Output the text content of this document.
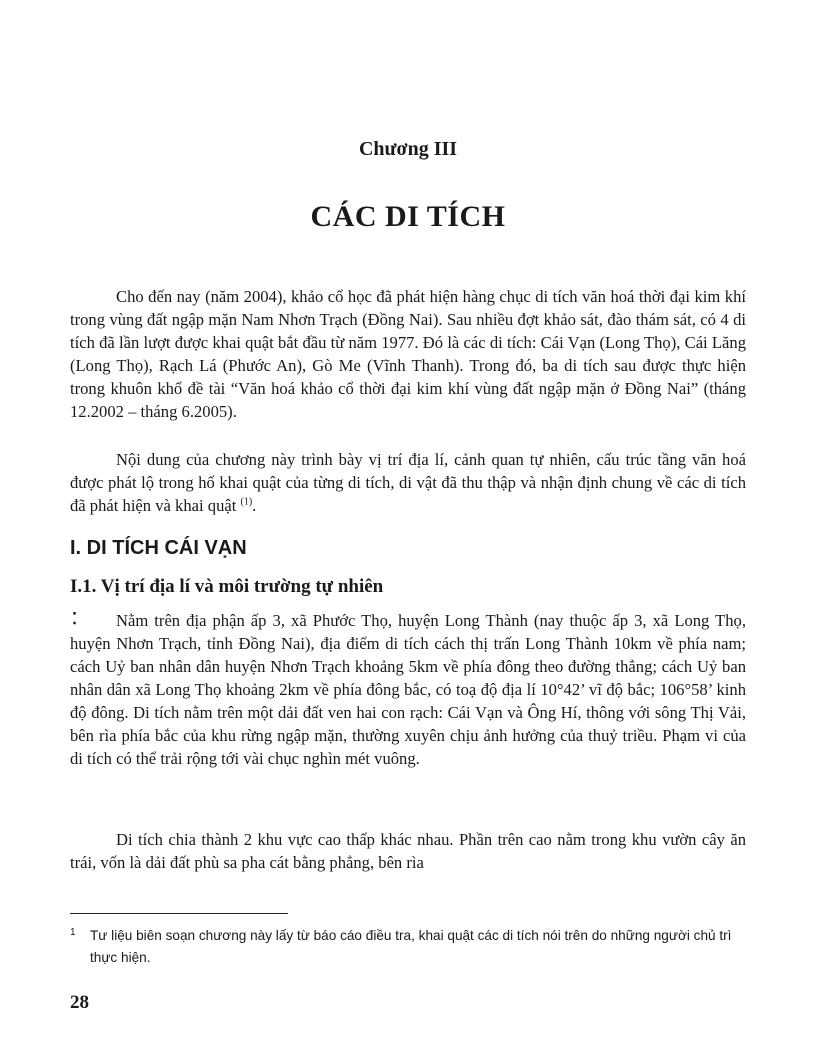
Chương III
CÁC DI TÍCH

Cho đến nay (năm 2004), khảo cổ học đã phát hiện hàng chục di tích văn hoá thời đại kim khí trong vùng đất ngập mặn Nam Nhơn Trạch (Đồng Nai). Sau nhiều đợt khảo sát, đào thám sát, có 4 di tích đã lần lượt được khai quật bắt đầu từ năm 1977. Đó là các di tích: Cái Vạn (Long Thọ), Cái Lăng (Long Thọ), Rạch Lá (Phước An), Gò Me (Vĩnh Thanh). Trong đó, ba di tích sau được thực hiện trong khuôn khổ đề tài “Văn hoá khảo cổ thời đại kim khí vùng đất ngập mặn ở Đồng Nai” (tháng 12.2002 – tháng 6.2005).

Nội dung của chương này trình bày vị trí địa lí, cảnh quan tự nhiên, cấu trúc tầng văn hoá được phát lộ trong hố khai quật của từng di tích, di vật đã thu thập và nhận định chung về các di tích đã phát hiện và khai quật $^{(1)}$.

I. DI TÍCH CÁI VẠN
I.1. Vị trí địa lí và môi trường tự nhiên
⁚	Nằm trên địa phận ấp 3, xã Phước Thọ, huyện Long Thành (nay thuộc ấp 3, xã Long Thọ, huyện Nhơn Trạch, tỉnh Đồng Nai), địa điểm di tích cách thị trấn Long Thành 10km về phía nam; cách Uỷ ban nhân dân huyện Nhơn Trạch khoảng 5km về phía đông theo đường thẳng; cách Uỷ ban nhân dân xã Long Thọ khoảng 2km về phía đông bắc, có toạ độ địa lí 10°42’ vĩ độ bắc; 106°58’ kinh độ đông. Di tích nằm trên một dải đất ven hai con rạch: Cái Vạn và Ông Hí, thông với sông Thị Vải, bên rìa phía bắc của khu rừng ngập mặn, thường xuyên chịu ảnh hưởng của thuỷ triều. Phạm vi của di tích có thể trải rộng tới vài chục nghìn mét vuông.

Di tích chia thành 2 khu vực cao thấp khác nhau. Phần trên cao nằm trong khu vườn cây ăn trái, vốn là dải đất phù sa pha cát bằng phẳng, bên rìa

1 Tư liệu biên soạn chương này lấy từ báo cáo điều tra, khai quật các di tích nói trên do những người chủ trì thực hiện.

28
